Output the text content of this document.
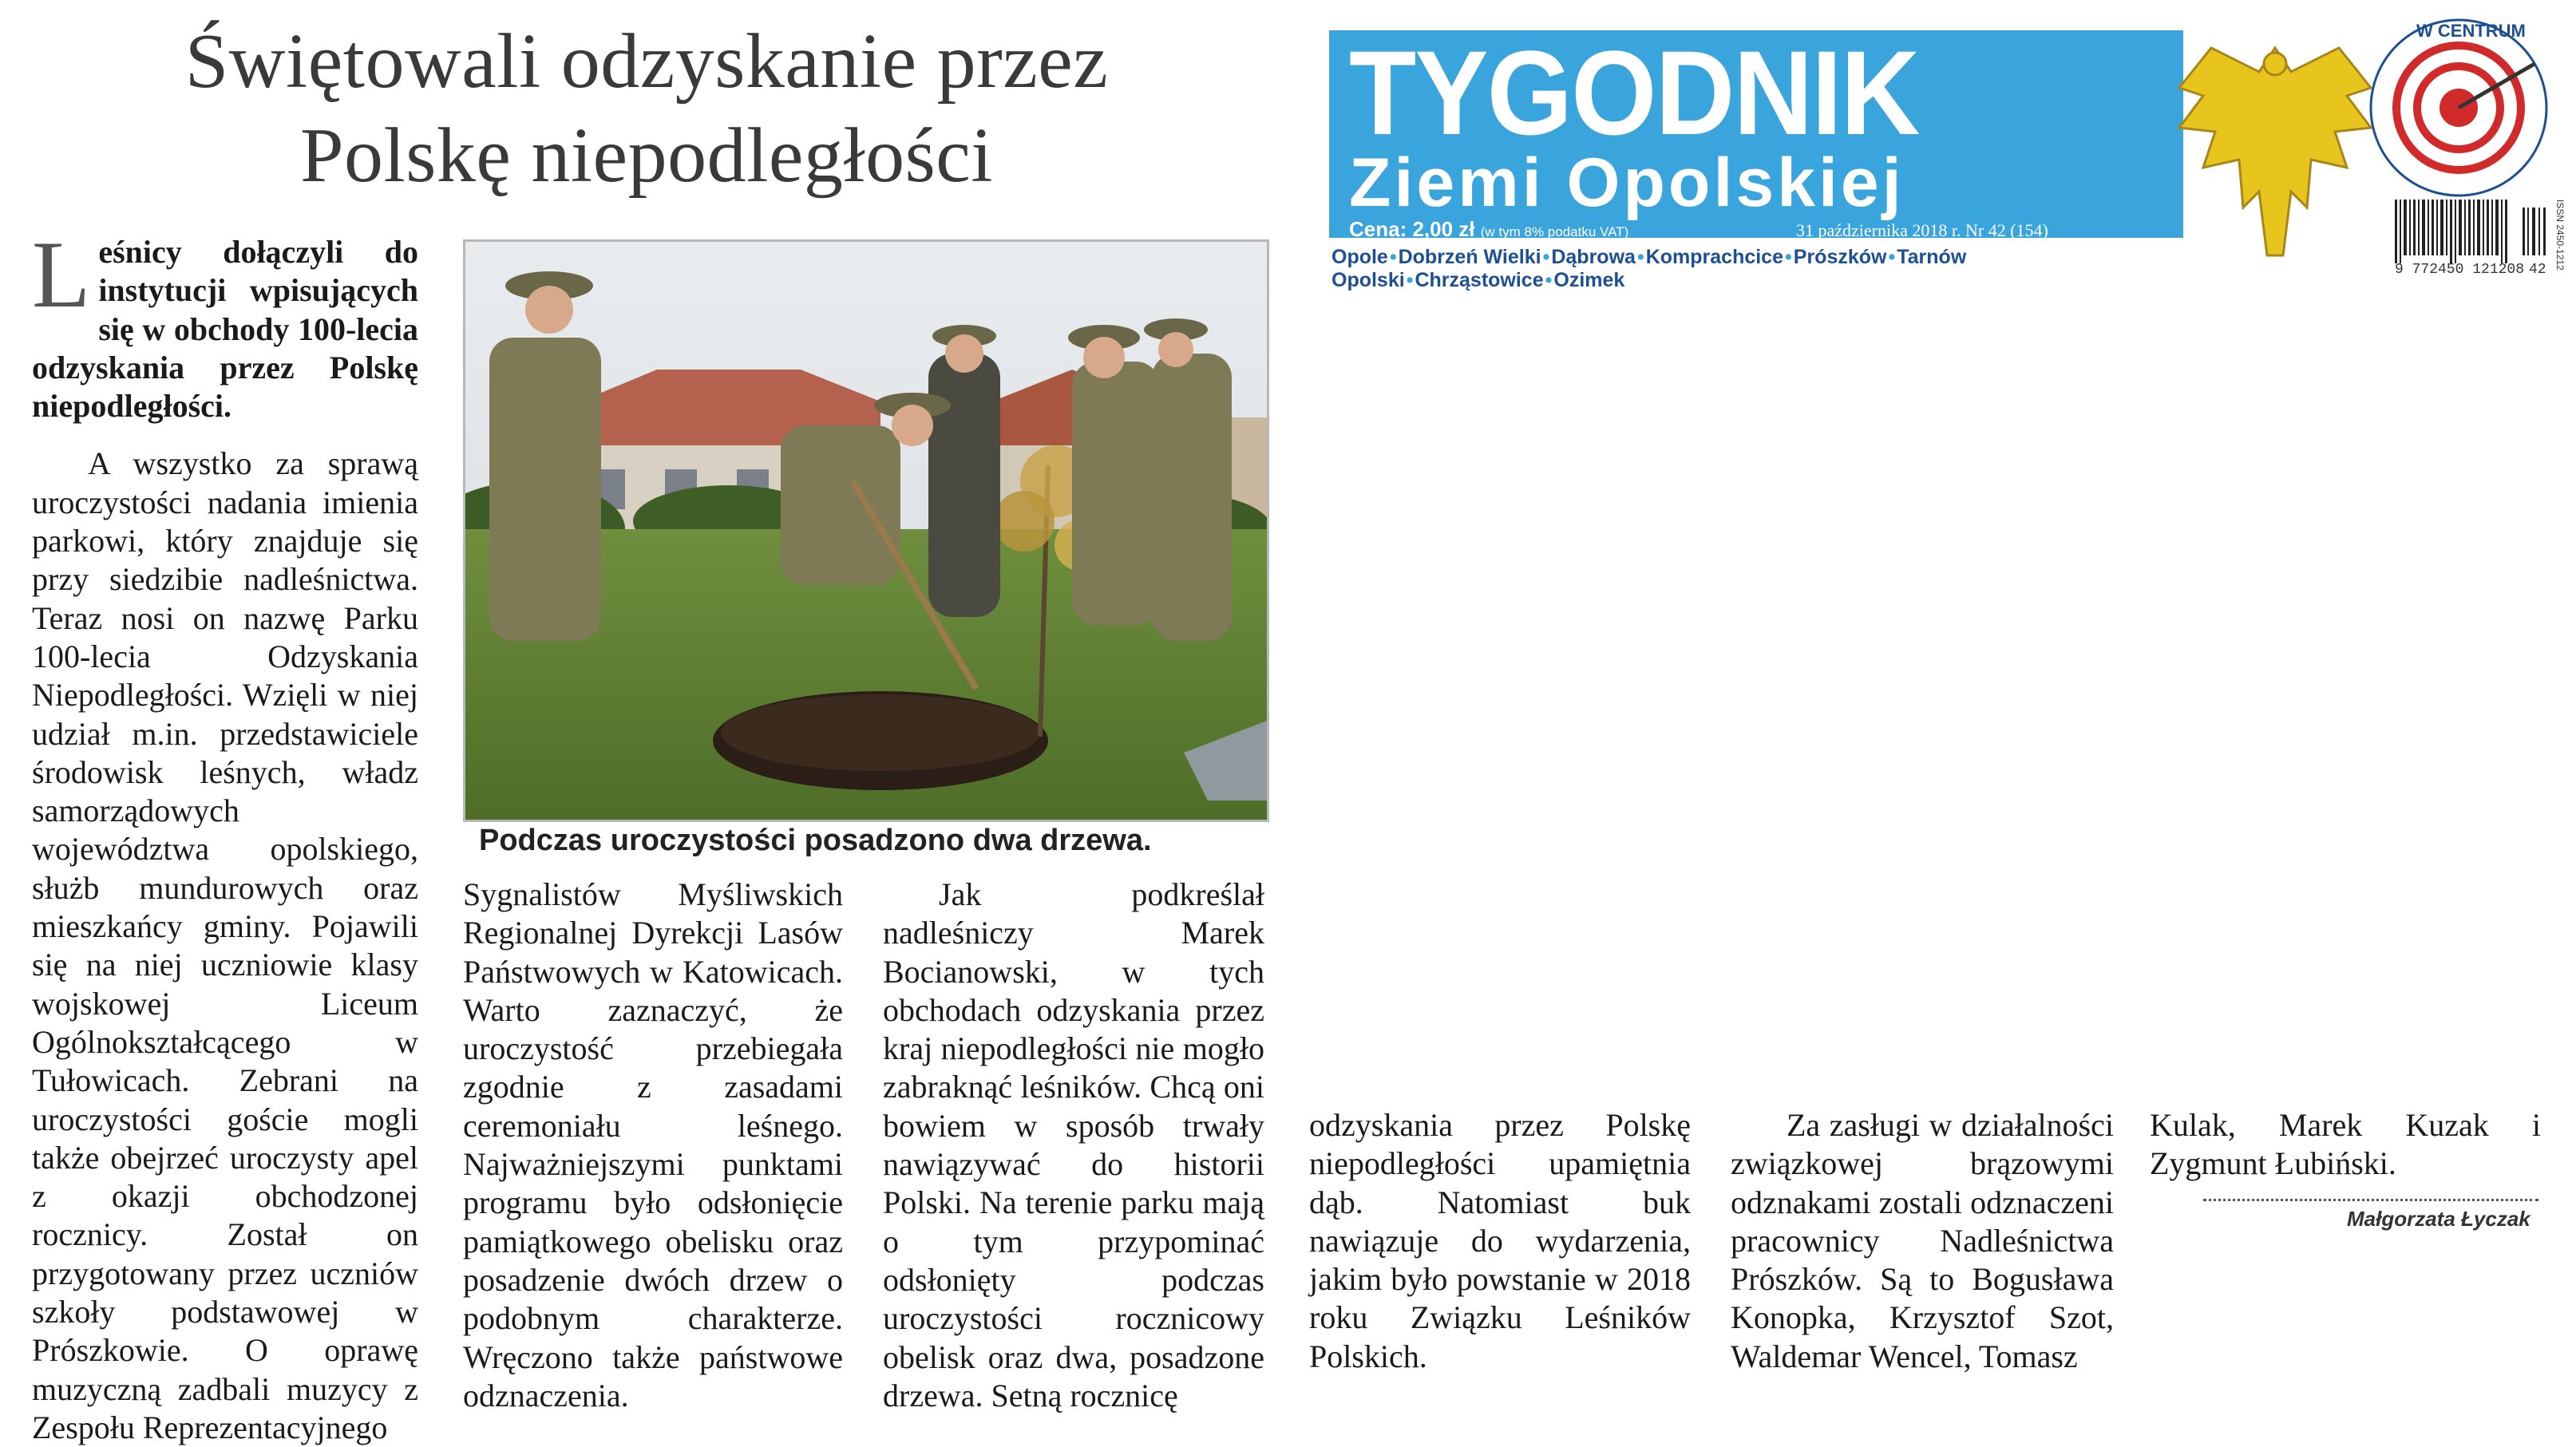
Świętowali odzyskanie przez
Polskę niepodległości

Leśnicy dołączyli do instytucji wpisujących się w obchody 100-lecia odzyskania przez Polskę niepodległości.

A wszystko za sprawą uroczystości nadania imienia parkowi, który znajduje się przy siedzibie nadleśnictwa. Teraz nosi on nazwę Parku 100-lecia Odzyskania Niepodległości. Wzięli w niej udział m.in. przedstawiciele środowisk leśnych, władz samorządowych województwa opolskiego, służb mundurowych oraz mieszkańcy gminy. Pojawili się na niej uczniowie klasy wojskowej Liceum Ogólnokształcącego w Tułowicach. Zebrani na uroczystości goście mogli także obejrzeć uroczysty apel z okazji obchodzonej rocznicy. Został on przygotowany przez uczniów szkoły podstawowej w Prószkowie. O oprawę muzyczną zadbali muzycy z Zespołu Reprezentacyjnego

Podczas uroczystości posadzono dwa drzewa.

Sygnalistów Myśliwskich Regionalnej Dyrekcji Lasów Państwowych w Katowicach. Warto zaznaczyć, że uroczystość przebiegała zgodnie z zasadami ceremoniału leśnego. Najważniejszymi punktami programu było odsłonięcie pamiątkowego obelisku oraz posadzenie dwóch drzew o podobnym charakterze. Wręczono także państwowe odznaczenia.

Jak podkreślał nadleśniczy Marek Bocianowski, w tych obchodach odzyskania przez kraj niepodległości nie mogło zabraknąć leśników. Chcą oni bowiem w sposób trwały nawiązywać do historii Polski. Na terenie parku mają o tym przypominać odsłonięty podczas uroczystości rocznicowy obelisk oraz dwa, posadzone drzewa. Setną rocznicę

odzyskania przez Polskę niepodległości upamiętnia dąb. Natomiast buk nawiązuje do wydarzenia, jakim było powstanie w 2018 roku Związku Leśników Polskich.

Za zasługi w działalności związkowej brązowymi odznakami zostali odznaczeni pracownicy Nadleśnictwa Prószków. Są to Bogusława Konopka, Krzysztof Szot, Waldemar Wencel, Tomasz

Kulak, Marek Kuzak i Zygmunt Łubiński.

Małgorzata Łyczak
TYGODNIK
Ziemi Opolskiej
Cena: 2,00 zł (w tym 8% podatku VAT)	31 października 2018 r. Nr 42 (154)
W CENTRUM
Opole•Dobrzeń Wielki•Dąbrowa•Komprachcice•Prószków•Tarnów Opolski•Chrząstowice•Ozimek	9 772450 121208 42 ISSN 2450-1212
